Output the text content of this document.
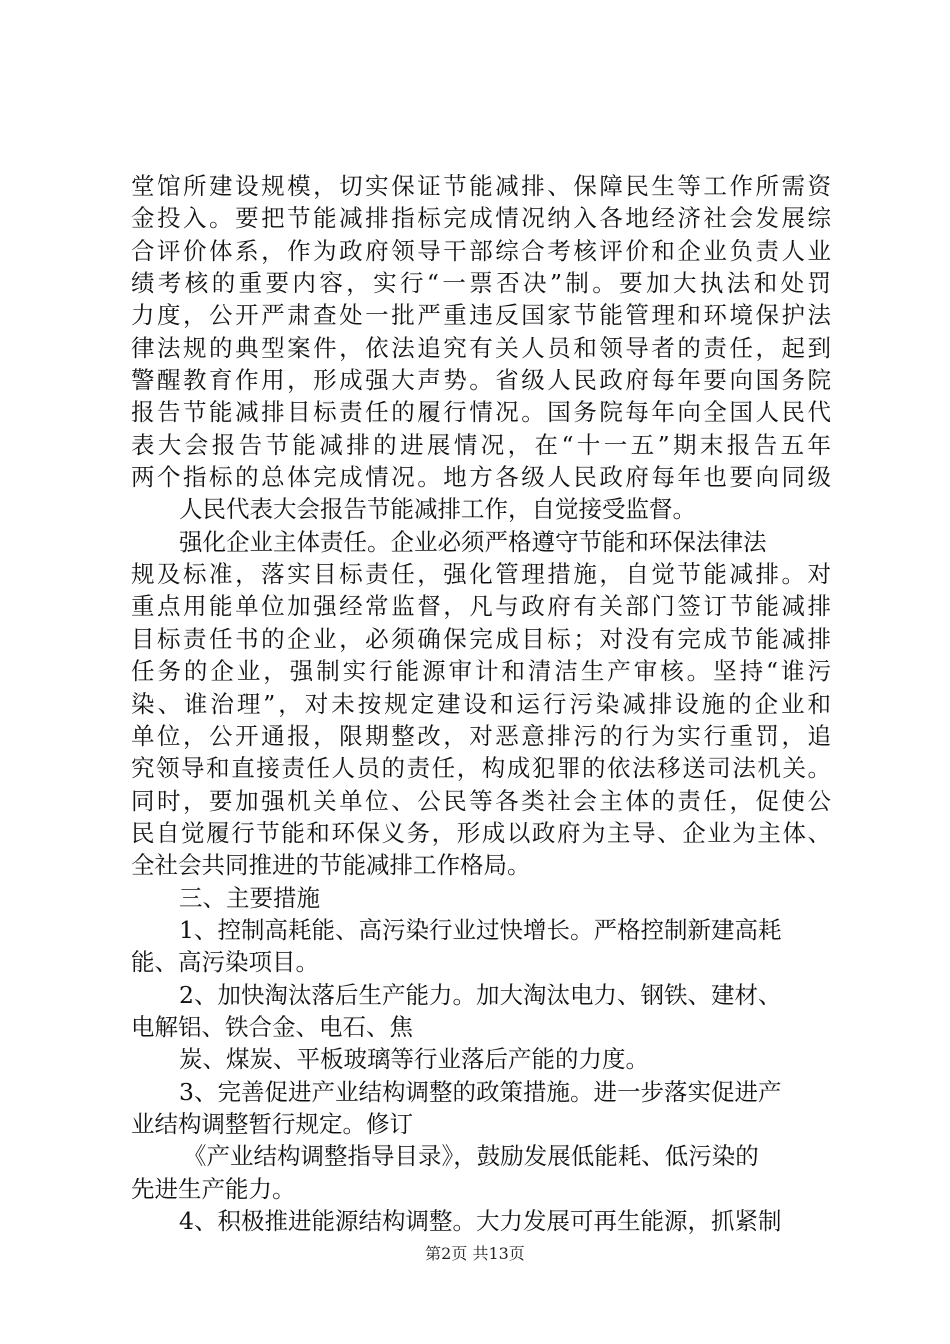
堂馆所建设规模，切实保证节能减排、保障民生等工作所需资
金投入。要把节能减排指标完成情况纳入各地经济社会发展综
合评价体系，作为政府领导干部综合考核评价和企业负责人业
绩考核的重要内容，实行“一票否决”制。要加大执法和处罚
力度，公开严肃查处一批严重违反国家节能管理和环境保护法
律法规的典型案件，依法追究有关人员和领导者的责任，起到
警醒教育作用，形成强大声势。省级人民政府每年要向国务院
报告节能减排目标责任的履行情况。国务院每年向全国人民代
表大会报告节能减排的进展情况，在“十一五”期末报告五年
两个指标的总体完成情况。地方各级人民政府每年也要向同级
人民代表大会报告节能减排工作，自觉接受监督。
强化企业主体责任。企业必须严格遵守节能和环保法律法
规及标准，落实目标责任，强化管理措施，自觉节能减排。对
重点用能单位加强经常监督，凡与政府有关部门签订节能减排
目标责任书的企业，必须确保完成目标；对没有完成节能减排
任务的企业，强制实行能源审计和清洁生产审核。坚持“谁污
染、谁治理”，对未按规定建设和运行污染减排设施的企业和
单位，公开通报，限期整改，对恶意排污的行为实行重罚，追
究领导和直接责任人员的责任，构成犯罪的依法移送司法机关。
同时，要加强机关单位、公民等各类社会主体的责任，促使公
民自觉履行节能和环保义务，形成以政府为主导、企业为主体、
全社会共同推进的节能减排工作格局。
三、主要措施
1、控制高耗能、高污染行业过快增长。严格控制新建高耗
能、高污染项目。
2、加快淘汰落后生产能力。加大淘汰电力、钢铁、建材、
电解铝、铁合金、电石、焦
炭、煤炭、平板玻璃等行业落后产能的力度。
3、完善促进产业结构调整的政策措施。进一步落实促进产
业结构调整暂行规定。修订
《产业结构调整指导目录》，鼓励发展低能耗、低污染的
先进生产能力。
4、积极推进能源结构调整。大力发展可再生能源，抓紧制
第2页 共13页
